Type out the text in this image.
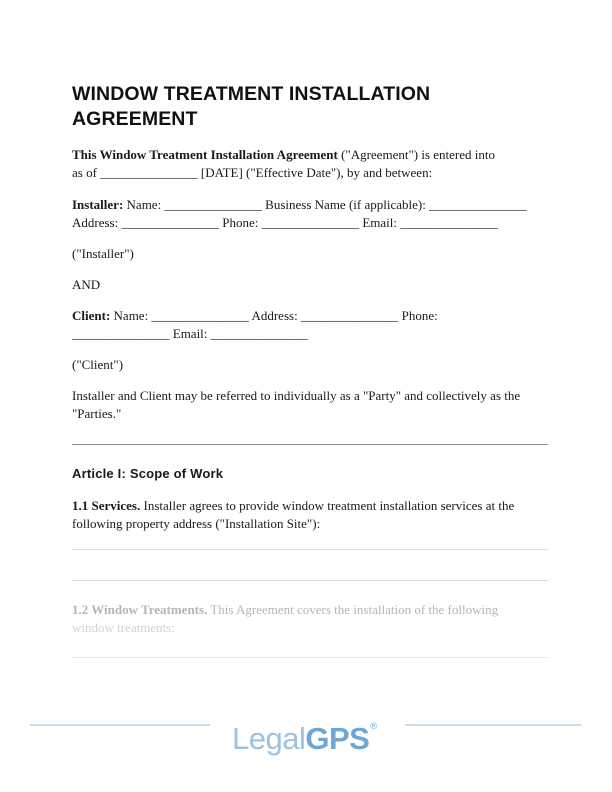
WINDOW TREATMENT INSTALLATION AGREEMENT

This Window Treatment Installation Agreement ("Agreement") is entered into
as of _______________ [DATE] ("Effective Date"), by and between:

Installer: Name: _______________ Business Name (if applicable): _______________
Address: _______________ Phone: _______________ Email: _______________

("Installer")

AND

Client: Name: _______________ Address: _______________ Phone:
_______________ Email: _______________

("Client")

Installer and Client may be referred to individually as a "Party" and collectively as the
"Parties."

Article I: Scope of Work

1.1 Services. Installer agrees to provide window treatment installation services at the
following property address ("Installation Site"):

1.2 Window Treatments. This Agreement covers the installation of the following
window treatments:

LegalGPS®
